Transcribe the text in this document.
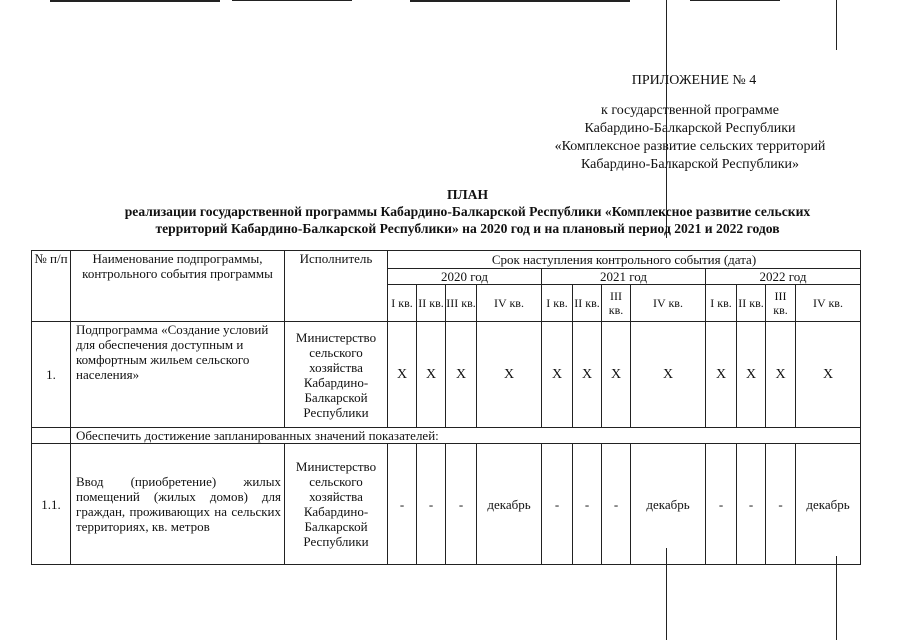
ПРИЛОЖЕНИЕ № 4
к государственной программе
Кабардино-Балкарской Республики
«Комплексное развитие сельских территорий
Кабардино-Балкарской Республики»
ПЛАН
реализации государственной программы Кабардино-Балкарской Республики «Комплексное развитие сельских
территорий Кабардино-Балкарской Республики» на 2020 год и на плановый период 2021 и 2022 годов
№ п/п	Наименование подпрограммы, контрольного события программы	Исполнитель	Срок наступления контрольного события (дата)											
			2020 год				2021 год				2022 год			
			I кв.	II кв.	III кв.	IV кв.	I кв.	II кв.	III кв.	IV кв.	I кв.	II кв.	III кв.	IV кв.
1.	Подпрограмма «Создание условий для обеспечения доступным и комфортным жильем сельского населения»	Министерство сельского хозяйства Кабардино-Балкарской Республики	X	X	X	X	X	X	X	X	X	X	X	X
	Обеспечить достижение запланированных значений показателей:													
1.1.	Ввод (приобретение) жилых помещений (жилых домов) для граждан, проживающих на сельских территориях, кв. метров	Министерство сельского хозяйства Кабардино-Балкарской Республики	-	-	-	декабрь	-	-	-	декабрь	-	-	-	декабрь
